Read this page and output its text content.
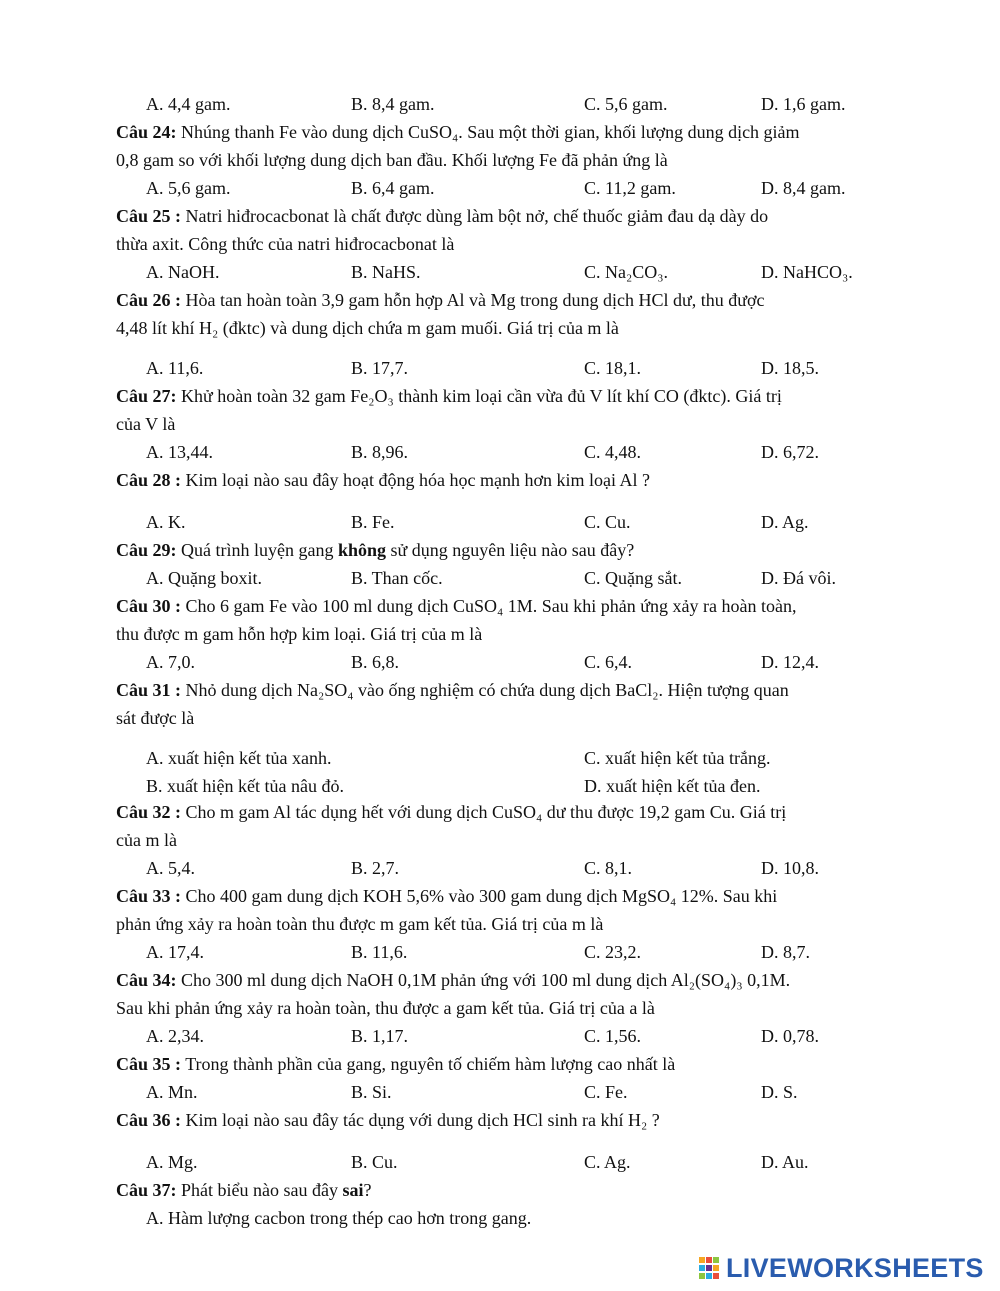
A. 4,4 gam.	B. 8,4 gam.	C. 5,6 gam.	D. 1,6 gam.
Câu 24: Nhúng thanh Fe vào dung dịch CuSO₄. Sau một thời gian, khối lượng dung dịch giảm
0,8 gam so với khối lượng dung dịch ban đầu. Khối lượng Fe đã phản ứng là
A. 5,6 gam.	B. 6,4 gam.	C. 11,2 gam.	D. 8,4 gam.
Câu 25 : Natri hiđrocacbonat là chất được dùng làm bột nở, chế thuốc giảm đau dạ dày do
thừa axit. Công thức của natri hiđrocacbonat là
A. NaOH.	B. NaHS.	C. Na₂CO₃.	D. NaHCO₃.
Câu 26 : Hòa tan hoàn toàn 3,9 gam hỗn hợp Al và Mg trong dung dịch HCl dư, thu được
4,48 lít khí H₂ (đktc) và dung dịch chứa m gam muối. Giá trị của m là
A. 11,6.	B. 17,7.	C. 18,1.	D. 18,5.
Câu 27: Khử hoàn toàn 32 gam Fe₂O₃ thành kim loại cần vừa đủ V lít khí CO (đktc). Giá trị
của V là
A. 13,44.	B. 8,96.	C. 4,48.	D. 6,72.
Câu 28 : Kim loại nào sau đây hoạt động hóa học mạnh hơn kim loại Al ?
A. K.	B. Fe.	C. Cu.	D. Ag.
Câu 29: Quá trình luyện gang không sử dụng nguyên liệu nào sau đây?
A. Quặng boxit.	B. Than cốc.	C. Quặng sắt.	D. Đá vôi.
Câu 30 : Cho 6 gam Fe vào 100 ml dung dịch CuSO₄ 1M. Sau khi phản ứng xảy ra hoàn toàn,
thu được m gam hỗn hợp kim loại. Giá trị của m là
A. 7,0.	B. 6,8.	C. 6,4.	D. 12,4.
Câu 31 : Nhỏ dung dịch Na₂SO₄ vào ống nghiệm có chứa dung dịch BaCl₂. Hiện tượng quan
sát được là
A. xuất hiện kết tủa xanh.	C. xuất hiện kết tủa trắng.
B. xuất hiện kết tủa nâu đỏ.	D. xuất hiện kết tủa đen.
Câu 32 : Cho m gam Al tác dụng hết với dung dịch CuSO₄ dư thu được 19,2 gam Cu. Giá trị
của m là
A. 5,4.	B. 2,7.	C. 8,1.	D. 10,8.
Câu 33 : Cho 400 gam dung dịch KOH 5,6% vào 300 gam dung dịch MgSO₄ 12%. Sau khi
phản ứng xảy ra hoàn toàn thu được m gam kết tủa. Giá trị của m là
A. 17,4.	B. 11,6.	C. 23,2.	D. 8,7.
Câu 34: Cho 300 ml dung dịch NaOH 0,1M phản ứng với 100 ml dung dịch Al₂(SO₄)₃ 0,1M.
Sau khi phản ứng xảy ra hoàn toàn, thu được a gam kết tủa. Giá trị của a là
A. 2,34.	B. 1,17.	C. 1,56.	D. 0,78.
Câu 35 : Trong thành phần của gang, nguyên tố chiếm hàm lượng cao nhất là
A. Mn.	B. Si.	C. Fe.	D. S.
Câu 36 : Kim loại nào sau đây tác dụng với dung dịch HCl sinh ra khí H₂ ?
A. Mg.	B. Cu.	C. Ag.	D. Au.
Câu 37: Phát biểu nào sau đây sai?
A. Hàm lượng cacbon trong thép cao hơn trong gang.
LIVEWORKSHEETS
